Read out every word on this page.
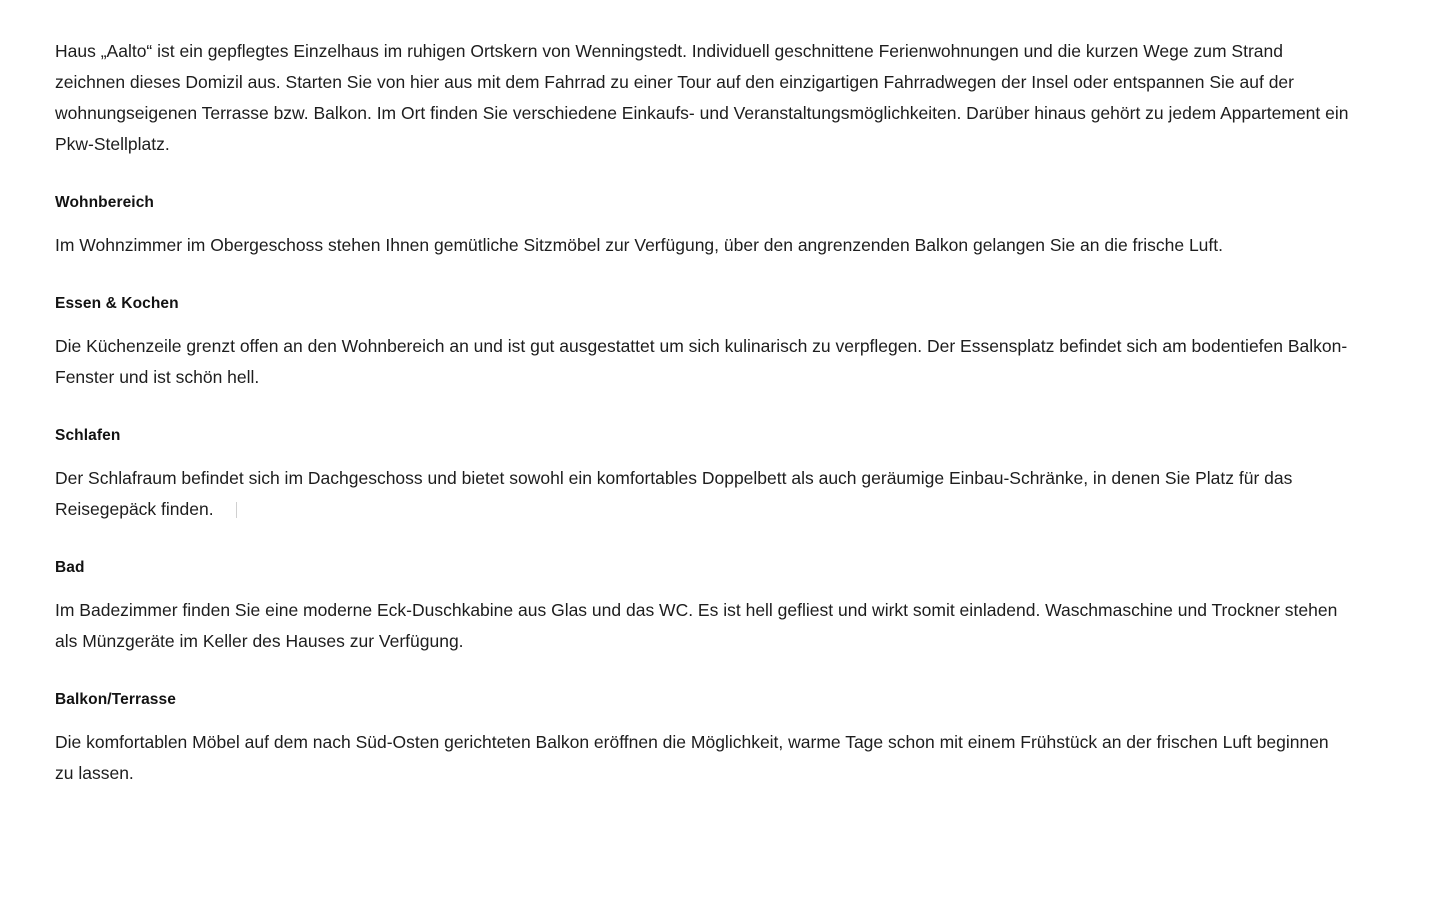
Haus „Aalto“ ist ein gepflegtes Einzelhaus im ruhigen Ortskern von Wenningstedt. Individuell geschnittene Ferienwohnungen und die kurzen Wege zum Strand zeichnen dieses Domizil aus. Starten Sie von hier aus mit dem Fahrrad zu einer Tour auf den einzigartigen Fahrradwegen der Insel oder entspannen Sie auf der wohnungseigenen Terrasse bzw. Balkon. Im Ort finden Sie verschiedene Einkaufs- und Veranstaltungsmöglichkeiten. Darüber hinaus gehört zu jedem Appartement ein Pkw-Stellplatz.

Wohnbereich

Im Wohnzimmer im Obergeschoss stehen Ihnen gemütliche Sitzmöbel zur Verfügung, über den angrenzenden Balkon gelangen Sie an die frische Luft.

Essen & Kochen

Die Küchenzeile grenzt offen an den Wohnbereich an und ist gut ausgestattet um sich kulinarisch zu verpflegen. Der Essensplatz befindet sich am bodentiefen Balkon-Fenster und ist schön hell.

Schlafen

Der Schlafraum befindet sich im Dachgeschoss und bietet sowohl ein komfortables Doppelbett als auch geräumige Einbau-Schränke, in denen Sie Platz für das Reisegepäck finden.

Bad

Im Badezimmer finden Sie eine moderne Eck-Duschkabine aus Glas und das WC. Es ist hell gefliest und wirkt somit einladend. Waschmaschine und Trockner stehen als Münzgeräte im Keller des Hauses zur Verfügung.

Balkon/Terrasse

Die komfortablen Möbel auf dem nach Süd-Osten gerichteten Balkon eröffnen die Möglichkeit, warme Tage schon mit einem Frühstück an der frischen Luft beginnen zu lassen.
